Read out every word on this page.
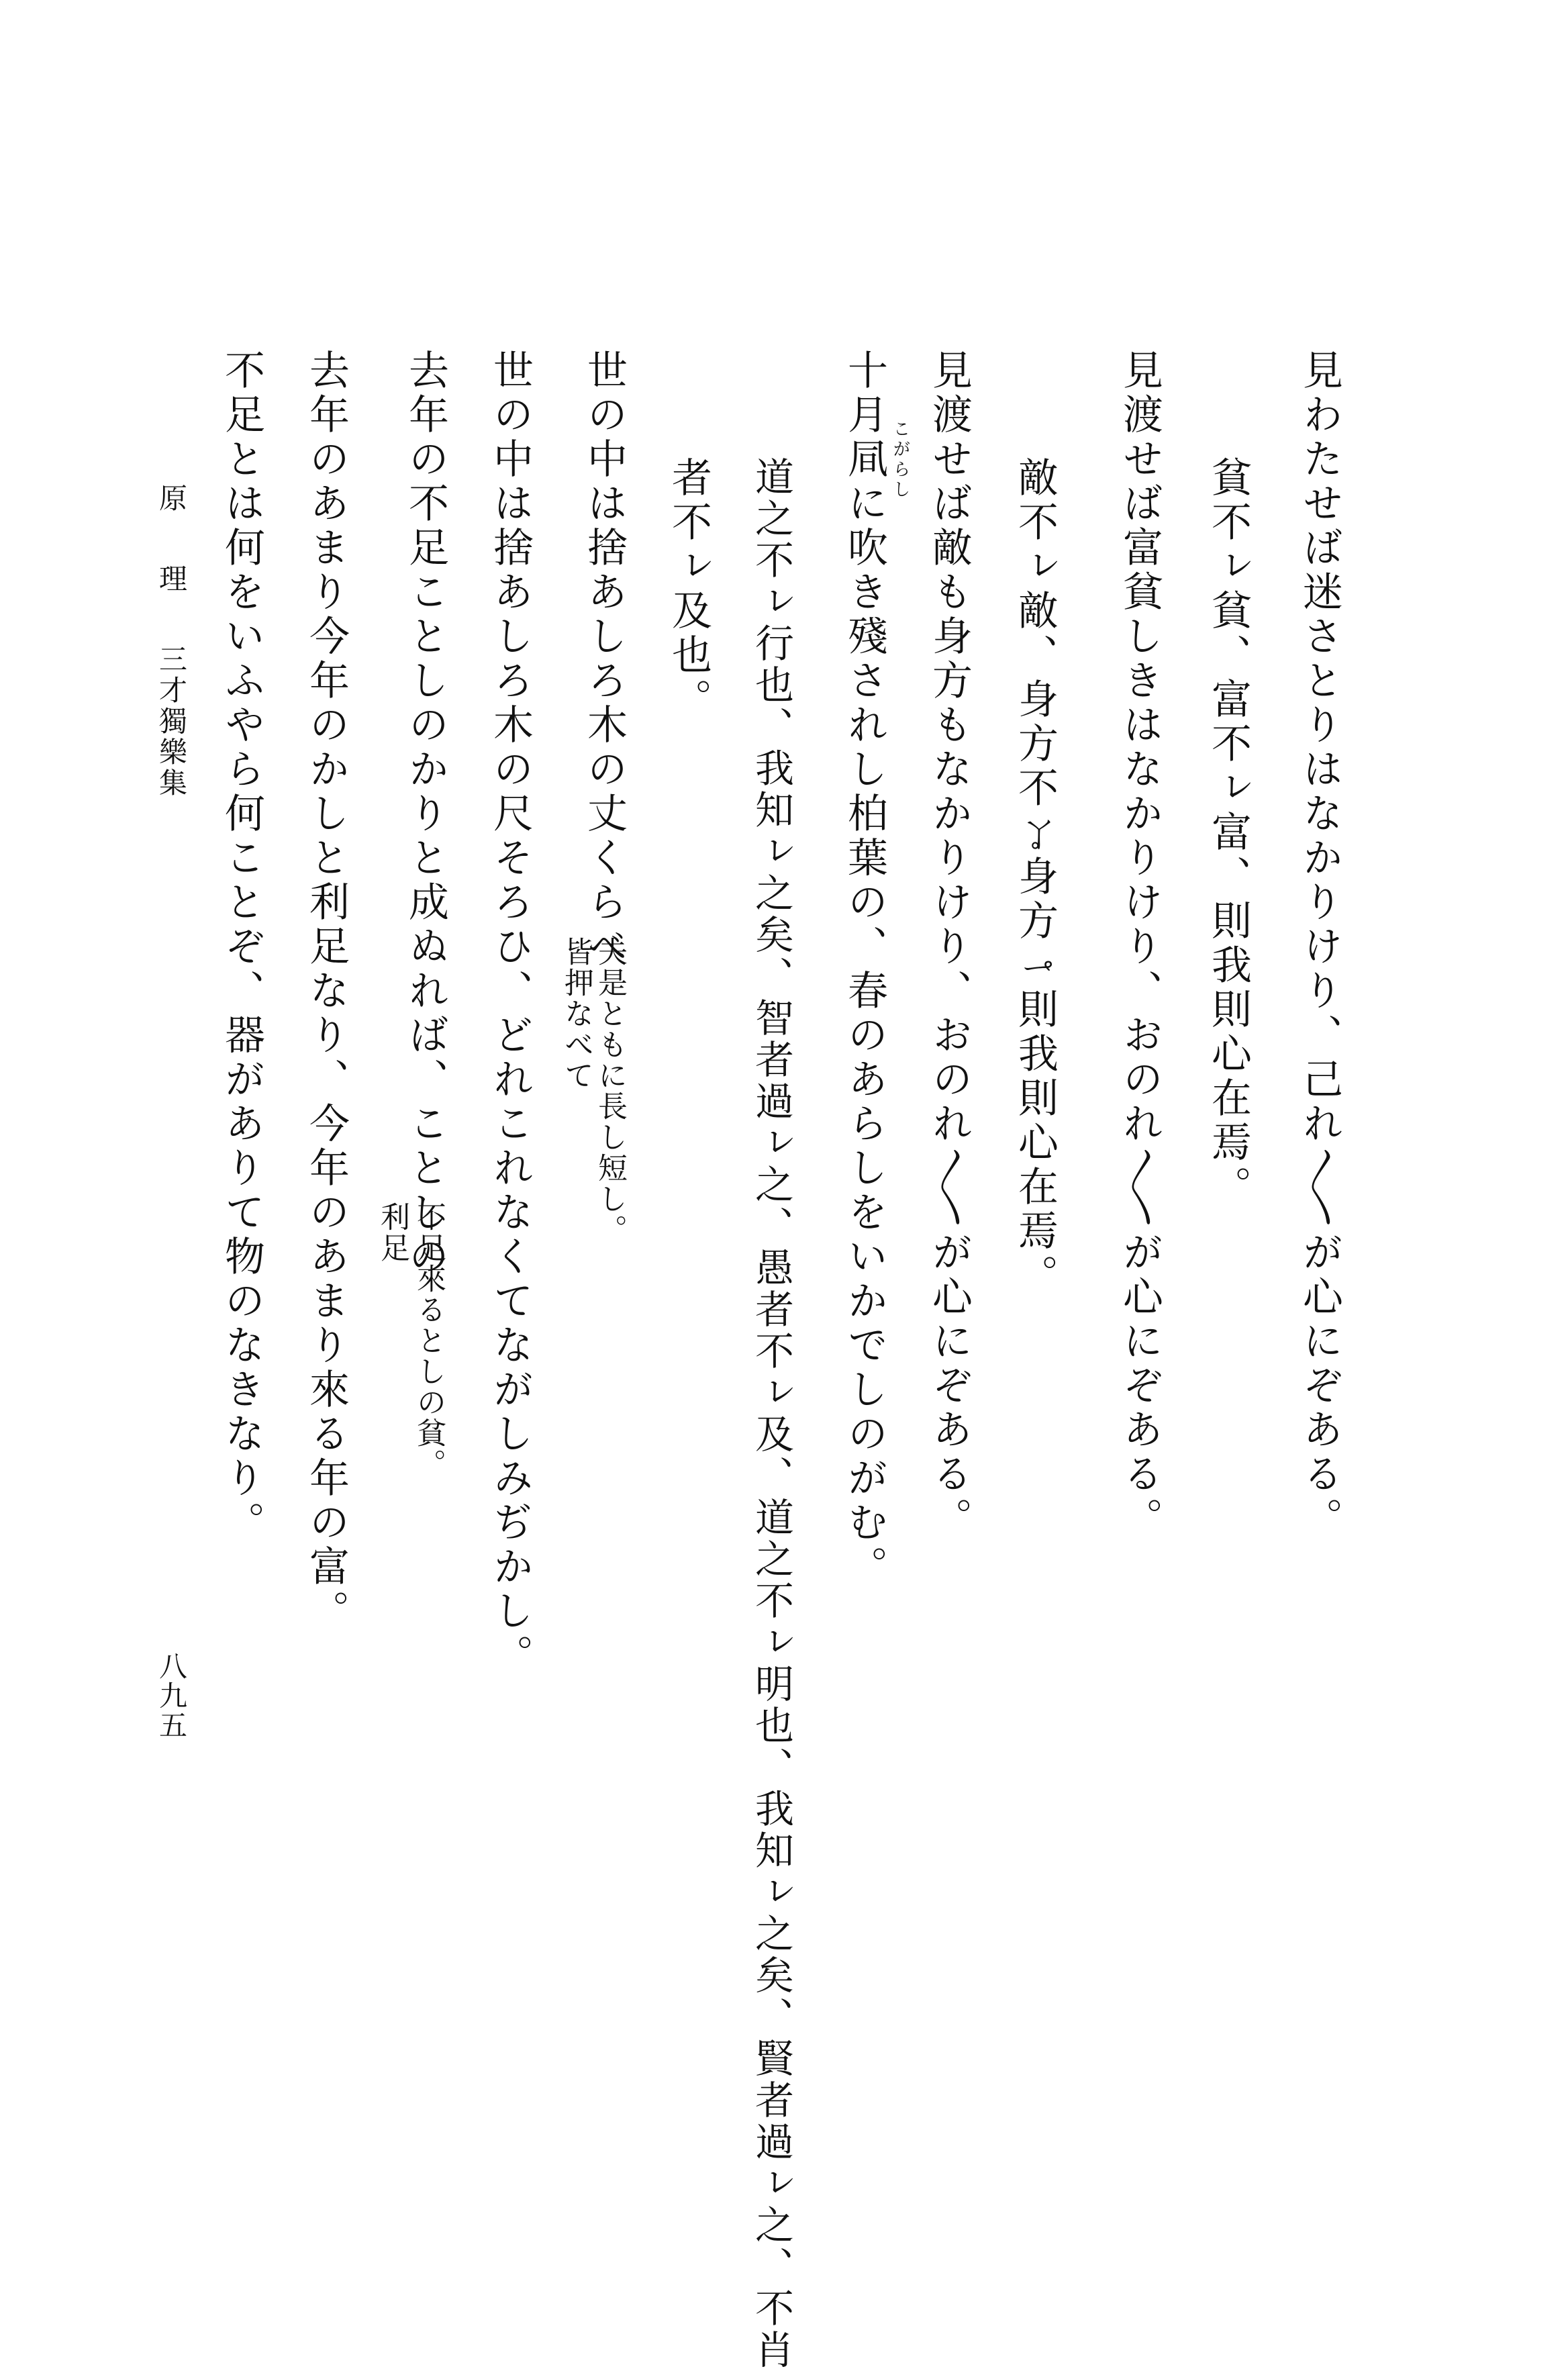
見わたせば迷さとりはなかりけり、己れ〳〵が心にぞある。
貧不ㇾ貧、富不ㇾ富、則我則心在焉。
見渡せば富貧しきはなかりけり、おのれ〳〵が心にぞある。
敵不ㇾ敵、身方不ㆩ身方ㆪ則我則心在焉。
見渡せば敵も身方もなかりけり、おのれ〳〵が心にぞある。
こがらし
十月凬に吹き殘されし柏葉の、春のあらしをいかでしのがむ。
道之不ㇾ行也、我知ㇾ之矣、智者過ㇾ之、愚者不ㇾ及、道之不ㇾ明也、我知ㇾ之矣、賢者過ㇾ之、不肖
者不ㇾ及也。
世の中は捨あしろ木の丈くらべ
夫是ともに長し短し。
皆押なべて
世の中は捨あしろ木の尺そろひ、どれこれなくてながしみぢかし。
去年の不足ことしのかりと成ぬれば、ことしの
不足來るとしの貧。
利足
去年のあまり今年のかしと利足なり、今年のあまり來る年の富。
不足とは何をいふやら何ことぞ、器がありて物のなきなり。
原　理
三才獨樂集
八九五
